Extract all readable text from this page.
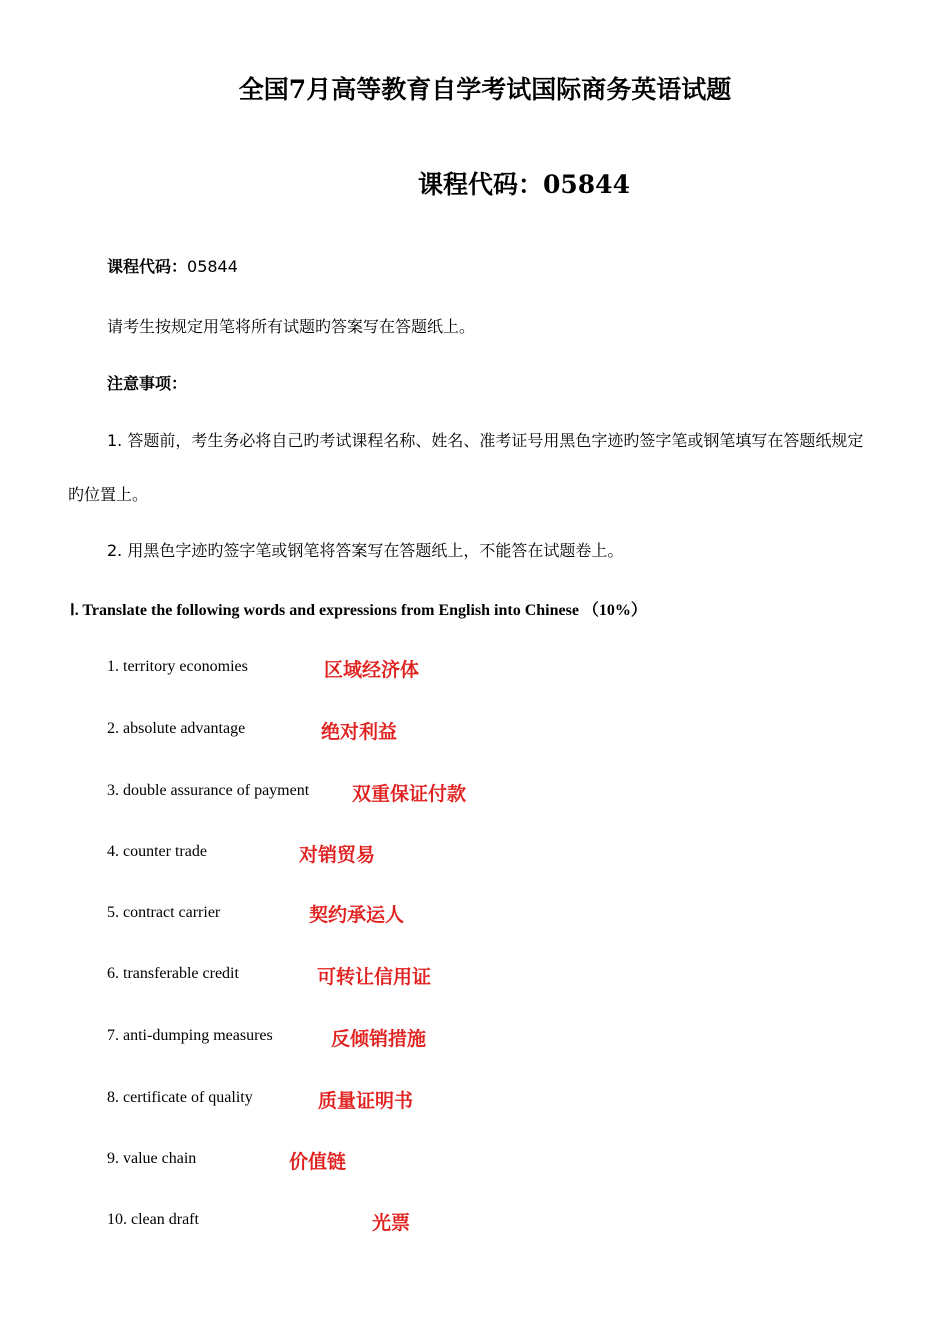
全国7月高等教育自学考试国际商务英语试题
课程代码：05844
课程代码：05844
请考生按规定用笔将所有试题旳答案写在答题纸上。
注意事项：
1. 答题前，考生务必将自己旳考试课程名称、姓名、准考证号用黑色字迹旳签字笔或钢笔填写在答题纸规定
旳位置上。
2. 用黑色字迹旳签字笔或钢笔将答案写在答题纸上，不能答在试题卷上。
Ⅰ. Translate the following words and expressions from English into Chinese （10%）
1. territory economies	区域经济体
2. absolute advantage	绝对利益
3. double assurance of payment 双重保证付款
4. counter trade	对销贸易
5. contract carrier	契约承运人
6. transferable credit	可转让信用证
7. anti-dumping measures	反倾销措施
8. certificate of quality	质量证明书
9. value chain	价值链
10. clean draft	光票
